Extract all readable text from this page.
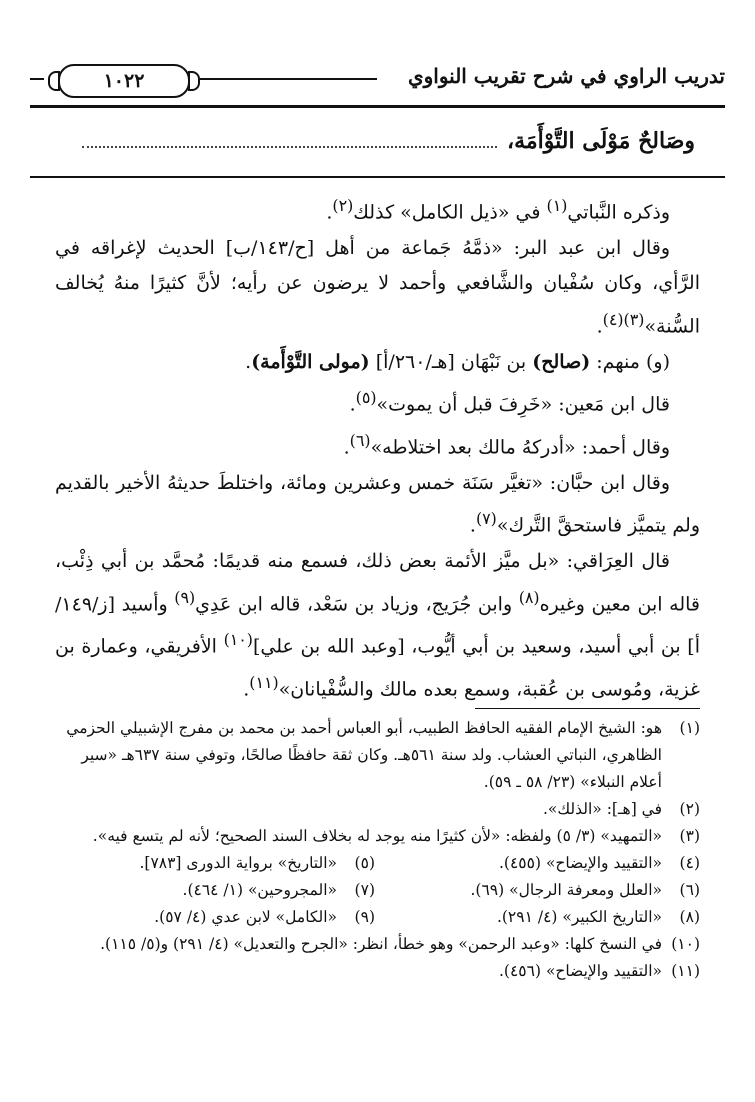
تدريب الراوي في شرح تقريب النواوي
١٠٢٢
وصَالحٌ مَوْلَى التَّوْأَمَة،

وذكره النَّباتي$^{(١)}$ في «ذيل الكامل» كذلك$^{(٢)}$.

وقال ابن عبد البر: «ذمَّهُ جَماعة من أهل [ح/١٤٣/ب] الحديث لإغراقه في الرَّأي، وكان سُفْيان والشَّافعي وأحمد لا يرضون عن رأيه؛ لأنَّ كثيرًا منهُ يُخالف السُّنة»$^{(٣)(٤)}$.

(و) منهم: (صالح) بن نَبْهَان [هـ/٢٦٠/أ] (مولى التَّوْأَمة).

قال ابن مَعين: «خَرِفَ قبل أن يموت»$^{(٥)}$.

وقال أحمد: «أدركهُ مالك بعد اختلاطه»$^{(٦)}$.

وقال ابن حبَّان: «تغيَّر سَنَة خمس وعشرين ومائة، واختلطَ حديثهُ الأخير بالقديم ولم يتميَّز فاستحقَّ التَّرك»$^{(٧)}$.

قال العِرَاقي: «بل ميَّز الأئمة بعض ذلك، فسمع منه قديمًا: مُحمَّد بن أبي ذِئْب، قاله ابن معين وغيره$^{(٨)}$ وابن جُرَيج، وزياد بن سَعْد، قاله ابن عَدِي$^{(٩)}$ وأسيد [ز/١٤٩/أ] بن أبي أسيد، وسعيد بن أبي أيُّوب، [وعبد الله بن علي]$^{(١٠)}$ الأفريقي، وعمارة بن غزية، ومُوسى بن عُقبة، وسمع بعده مالك والسُّفْيانان»$^{(١١)}$.

(١)
هو: الشيخ الإمام الفقيه الحافظ الطبيب، أبو العباس أحمد بن محمد بن مفرج الإشبيلي الحزمي الظاهري، النباتي العشاب. ولد سنة ٥٦١هـ. وكان ثقة حافظًا صالحًا، وتوفي سنة ٦٣٧هـ «سير أعلام النبلاء» (٢٣/ ٥٨ ـ ٥٩).
(٢)
في [هـ]: «الذلك».
(٣)
«التمهيد» (٣/ ٥) ولفظه: «لأن كثيرًا منه يوجد له بخلاف السند الصحيح؛ لأنه لم يتسع فيه».
(٤)
«التقييد والإيضاح» (٤٥٥).
(٥)
«التاريخ» برواية الدورى [٧٨٣].
(٦)
«العلل ومعرفة الرجال» (٦٩).
(٧)
«المجروحين» (١/ ٤٦٤).
(٨)
«التاريخ الكبير» (٤/ ٢٩١).
(٩)
«الكامل» لابن عدي (٤/ ٥٧).
(١٠)
في النسخ كلها: «وعبد الرحمن» وهو خطأ، انظر: «الجرح والتعديل» (٤/ ٢٩١) و(٥/ ١١٥).
(١١)
«التقييد والإيضاح» (٤٥٦).
